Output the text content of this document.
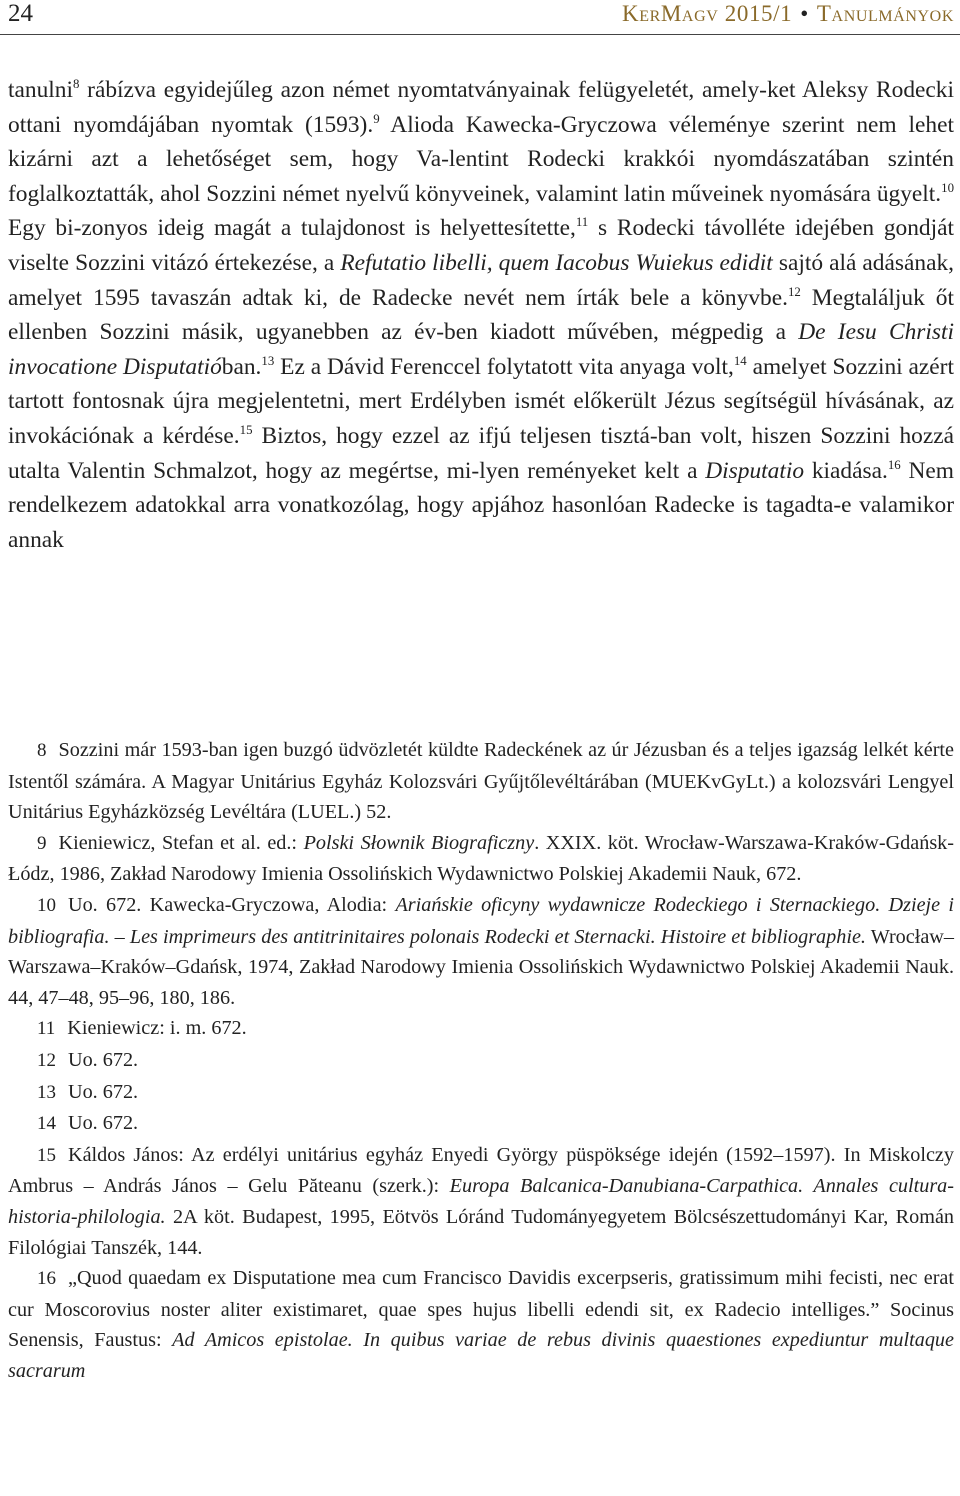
24	KerMagv 2015/1 • Tanulmányok
tanulni$^8$ rábízva egyidejűleg azon német nyomtatványainak felügyeletét, amely-ket Aleksy Rodecki ottani nyomdájában nyomtak (1593).$^9$ Alioda Kawecka-Gryczowa véleménye szerint nem lehet kizárni azt a lehetőséget sem, hogy Va-lentint Rodecki krakkói nyomdászatában szintén foglalkoztatták, ahol Sozzini német nyelvű könyveinek, valamint latin műveinek nyomására ügyelt.$^{10}$ Egy bi-zonyos ideig magát a tulajdonost is helyettesítette,$^{11}$ s Rodecki távolléte idejében gondját viselte Sozzini vitázó értekezése, a Refutatio libelli, quem Iacobus Wuiekus edidit sajtó alá adásának, amelyet 1595 tavaszán adtak ki, de Radecke nevét nem írták bele a könyvbe.$^{12}$ Megtaláljuk őt ellenben Sozzini másik, ugyanebben az év-ben kiadott művében, mégpedig a De Iesu Christi invocatione Disputatióban.$^{13}$ Ez a Dávid Ferenccel folytatott vita anyaga volt,$^{14}$ amelyet Sozzini azért tartott fontosnak újra megjelentetni, mert Erdélyben ismét előkerült Jézus segítségül hívásának, az invokációnak a kérdése.$^{15}$ Biztos, hogy ezzel az ifjú teljesen tisztá-ban volt, hiszen Sozzini hozzá utalta Valentin Schmalzot, hogy az megértse, mi-lyen reményeket kelt a Disputatio kiadása.$^{16}$ Nem rendelkezem adatokkal arra vonatkozólag, hogy apjához hasonlóan Radecke is tagadta-e valamikor annak

8 Sozzini már 1593-ban igen buzgó üdvözletét küldte Radeckének az úr Jézusban és a teljes igazság lelkét kérte Istentől számára. A Magyar Unitárius Egyház Kolozsvári Gyűjtőlevéltárában (MUEKvGyLt.) a kolozsvári Lengyel Unitárius Egyházközség Levéltára (LUEL.) 52.

9 Kieniewicz, Stefan et al. ed.: Polski Słownik Biograficzny. XXIX. köt. Wrocław-Warszawa-Kraków-Gdańsk-Łódz, 1986, Zakład Narodowy Imienia Ossolińskich Wydawnictwo Polskiej Akademii Nauk, 672.

10 Uo. 672. Kawecka-Gryczowa, Alodia: Ariańskie oficyny wydawnicze Rodeckiego i Sternackiego. Dzieje i bibliografia. – Les imprimeurs des antitrinitaires polonais Rodecki et Sternacki. Histoire et bibliographie. Wrocław–Warszawa–Kraków–Gdańsk, 1974, Zakład Narodowy Imienia Ossolińskich Wydawnictwo Polskiej Akademii Nauk. 44, 47–48, 95–96, 180, 186.

11 Kieniewicz: i. m. 672.

12 Uo. 672.

13 Uo. 672.

14 Uo. 672.

15 Káldos János: Az erdélyi unitárius egyház Enyedi György püspöksége idején (1592–1597). In Miskolczy Ambrus – András János – Gelu Păteanu (szerk.): Europa Balcanica-Danubiana-Carpathica. Annales cultura-historia-philologia. 2A köt. Budapest, 1995, Eötvös Lóránd Tudományegyetem Bölcsészettudományi Kar, Román Filológiai Tanszék, 144.

16 „Quod quaedam ex Disputatione mea cum Francisco Davidis excerpseris, gratissimum mihi fecisti, nec erat cur Moscorovius noster aliter existimaret, quae spes hujus libelli edendi sit, ex Radecio intelliges.” Socinus Senensis, Faustus: Ad Amicos epistolae. In quibus variae de rebus divinis quaestiones expediuntur multaque sacrarum
